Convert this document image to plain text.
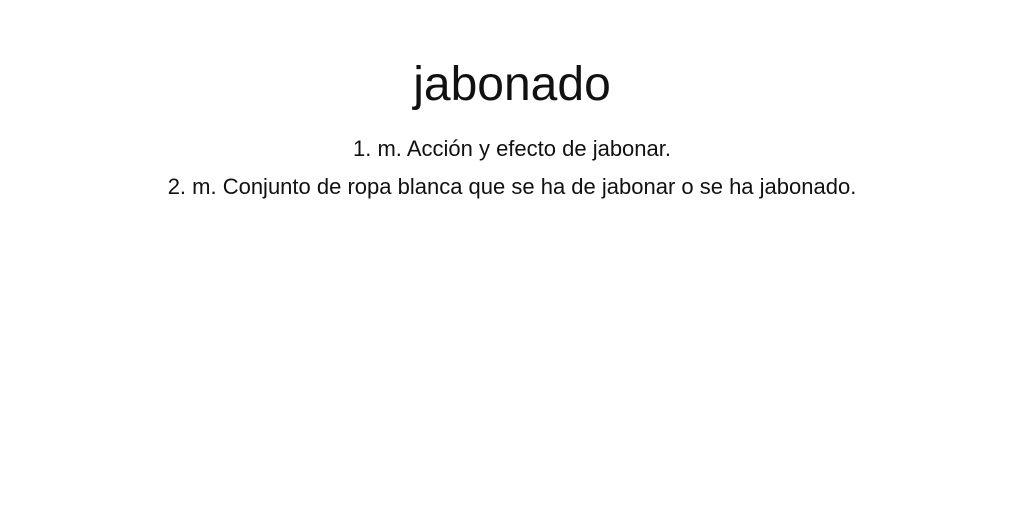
jabonado
1. m. Acción y efecto de jabonar.
2. m. Conjunto de ropa blanca que se ha de jabonar o se ha jabonado.
